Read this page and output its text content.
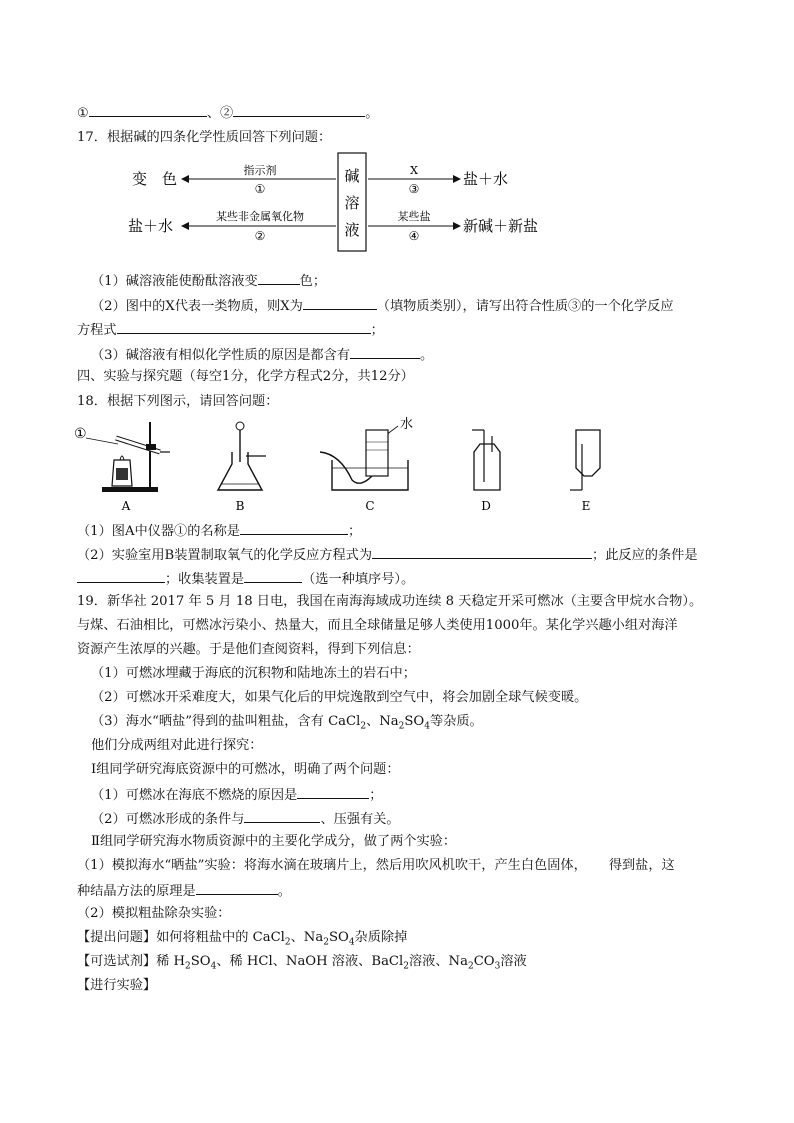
①	、②	。
17．根据碱的四条化学性质回答下列问题：
碱
溶
液
变　色	指示剂
①
盐＋水
某些非金属氧化物
②
X
③
盐＋水
某些盐
④
新碱＋新盐
（1）碱溶液能使酚酞溶液变	色；
（2）图中的X代表一类物质，则X为	（填物质类别），请写出符合性质③的一个化学反应
方程式	；
（3）碱溶液有相似化学性质的原因是都含有	。
四、实验与探究题（每空1分，化学方程式2分，共12分）
18．根据下列图示，请回答问题：
①
A	B
水
C	D	E
（1）图A中仪器①的名称是	；
（2）实验室用B装置制取氧气的化学反应方程式为	；此反应的条件是
；收集装置是	（选一种填序号）。
19．新华社 2017 年 5 月 18 日电，我国在南海海域成功连续 8 天稳定开采可燃冰（主要含甲烷水合物）。
与煤、石油相比，可燃冰污染小、热量大，而且全球储量足够人类使用1000年。某化学兴趣小组对海洋
资源产生浓厚的兴趣。于是他们查阅资料，得到下列信息：
（1）可燃冰埋藏于海底的沉积物和陆地冻土的岩石中；
（2）可燃冰开采难度大，如果气化后的甲烷逸散到空气中，将会加剧全球气候变暖。
（3）海水“晒盐”得到的盐叫粗盐，含有 CaCl$_2$、$Na_2SO_4$等杂质。
他们分成两组对此进行探究：
Ⅰ组同学研究海底资源中的可燃冰，明确了两个问题：
（1）可燃冰在海底不燃烧的原因是	；
（2）可燃冰形成的条件与	、压强有关。
Ⅱ组同学研究海水物质资源中的主要化学成分，做了两个实验：
（1）模拟海水“晒盐”实验：将海水滴在玻璃片上，然后用吹风机吹干，产生白色固体， 得到盐，这
种结晶方法的原理是	。
（2）模拟粗盐除杂实验：
【提出问题】如何将粗盐中的 CaCl$_2$、$Na_2SO_4$杂质除掉
【可选试剂】稀 $H_2SO_4$、稀 HCl、NaOH 溶液、BaCl$_2$溶液、$Na_2CO_3$溶液
【进行实验】
